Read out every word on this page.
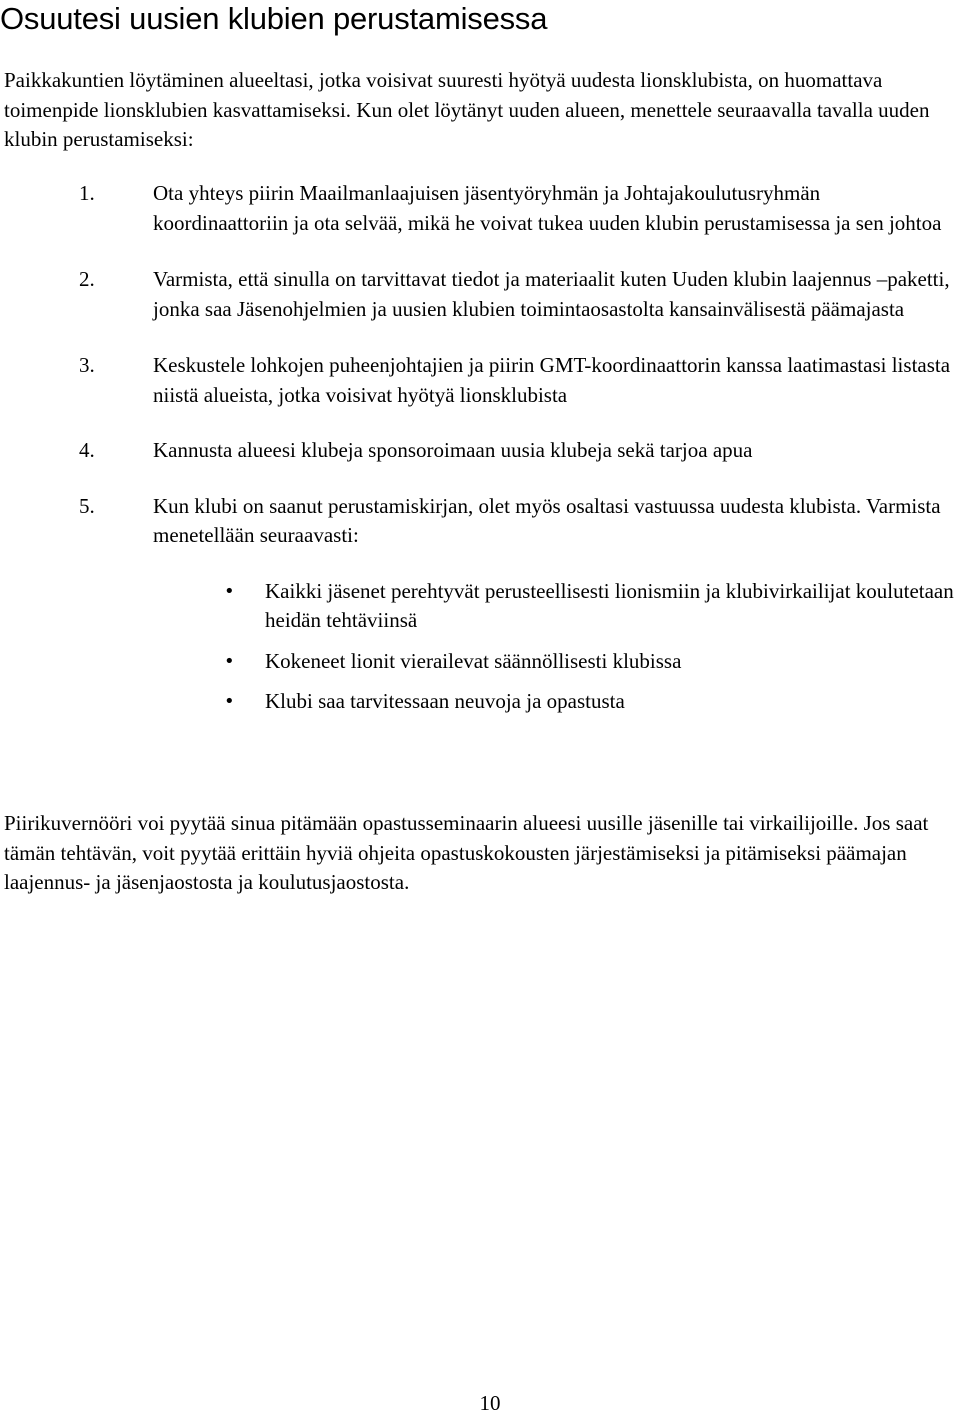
Osuutesi uusien klubien perustamisessa

Paikkakuntien löytäminen alueeltasi, jotka voisivat suuresti hyötyä uudesta lionsklubista, on huomattava toimenpide lionsklubien kasvattamiseksi. Kun olet löytänyt uuden alueen, menettele seuraavalla tavalla uuden klubin perustamiseksi:

1.	Ota yhteys piirin Maailmanlaajuisen jäsentyöryhmän ja Johtajakoulutusryhmän koordinaattoriin ja ota selvää, mikä he voivat tukea uuden klubin perustamisessa ja sen johtoa
2.	Varmista, että sinulla on tarvittavat tiedot ja materiaalit kuten Uuden klubin laajennus –paketti, jonka saa Jäsenohjelmien ja uusien klubien toimintaosastolta kansainvälisestä päämajasta
3.	Keskustele lohkojen puheenjohtajien ja piirin GMT-koordinaattorin kanssa laatimastasi listasta niistä alueista, jotka voisivat hyötyä lionsklubista
4.	Kannusta alueesi klubeja sponsoroimaan uusia klubeja sekä tarjoa apua
5.	Kun klubi on saanut perustamiskirjan, olet myös osaltasi vastuussa uudesta klubista. Varmista menetellään seuraavasti:
• Kaikki jäsenet perehtyvät perusteellisesti lionismiin ja klubivirkailijat koulutetaan heidän tehtäviinsä
• Kokeneet lionit vierailevat säännöllisesti klubissa
• Klubi saa tarvitessaan neuvoja ja opastusta

Piirikuvernööri voi pyytää sinua pitämään opastusseminaarin alueesi uusille jäsenille tai virkailijoille. Jos saat tämän tehtävän, voit pyytää erittäin hyviä ohjeita opastuskokousten järjestämiseksi ja pitämiseksi päämajan laajennus- ja jäsenjaostosta ja koulutusjaostosta.

10
